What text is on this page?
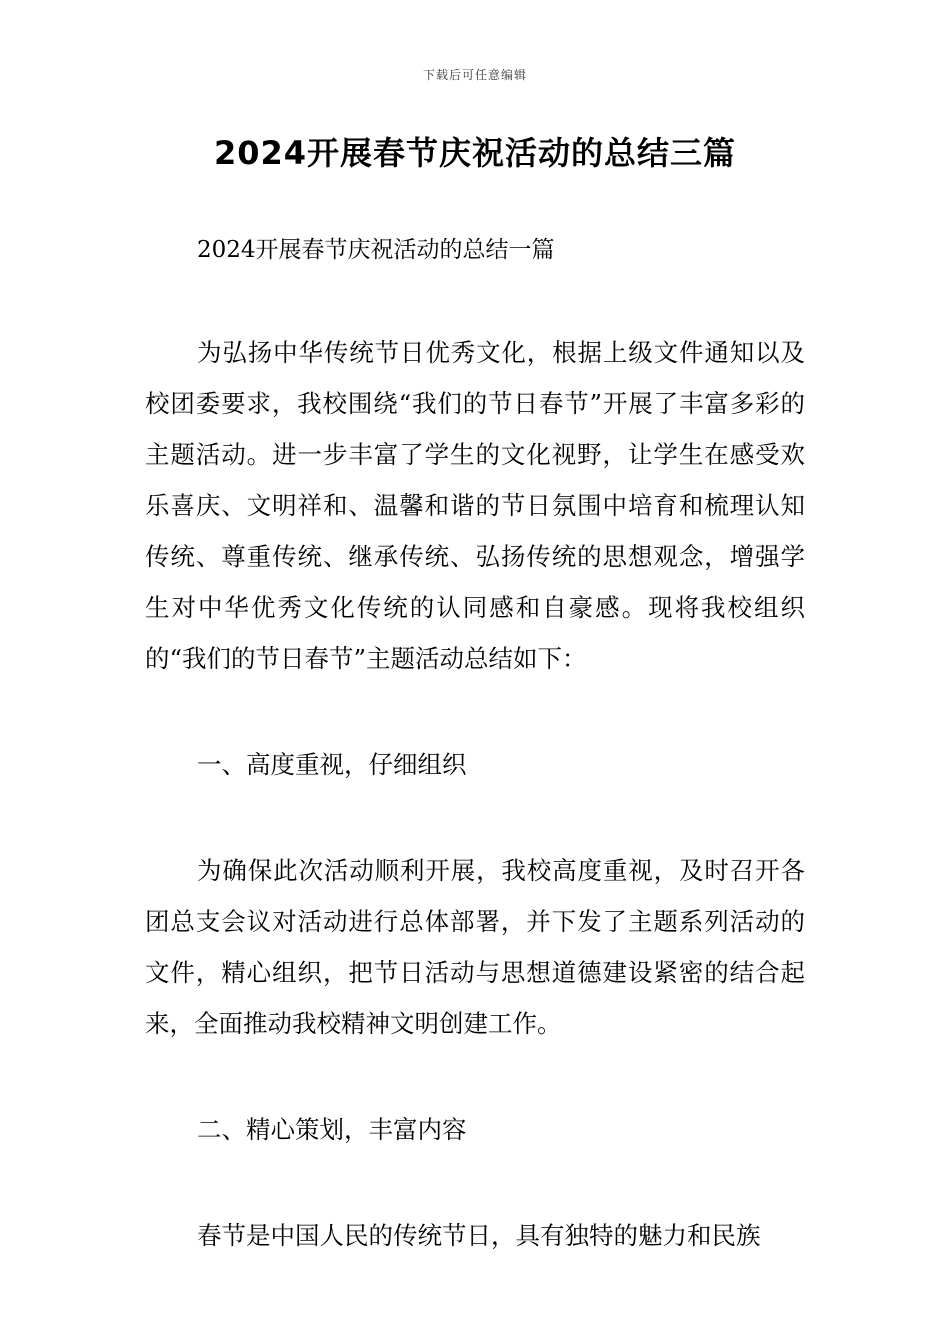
下载后可任意编辑
2024开展春节庆祝活动的总结三篇

2024开展春节庆祝活动的总结一篇

为弘扬中华传统节日优秀文化，根据上级文件通知以及校团委要求，我校围绕“我们的节日春节”开展了丰富多彩的主题活动。进一步丰富了学生的文化视野，让学生在感受欢乐喜庆、文明祥和、温馨和谐的节日氛围中培育和梳理认知传统、尊重传统、继承传统、弘扬传统的思想观念，增强学生对中华优秀文化传统的认同感和自豪感。现将我校组织的“我们的节日春节”主题活动总结如下：

一、高度重视，仔细组织

为确保此次活动顺利开展，我校高度重视，及时召开各团总支会议对活动进行总体部署，并下发了主题系列活动的文件，精心组织，把节日活动与思想道德建设紧密的结合起来，全面推动我校精神文明创建工作。

二、精心策划，丰富内容

春节是中国人民的传统节日，具有独特的魅力和民族
